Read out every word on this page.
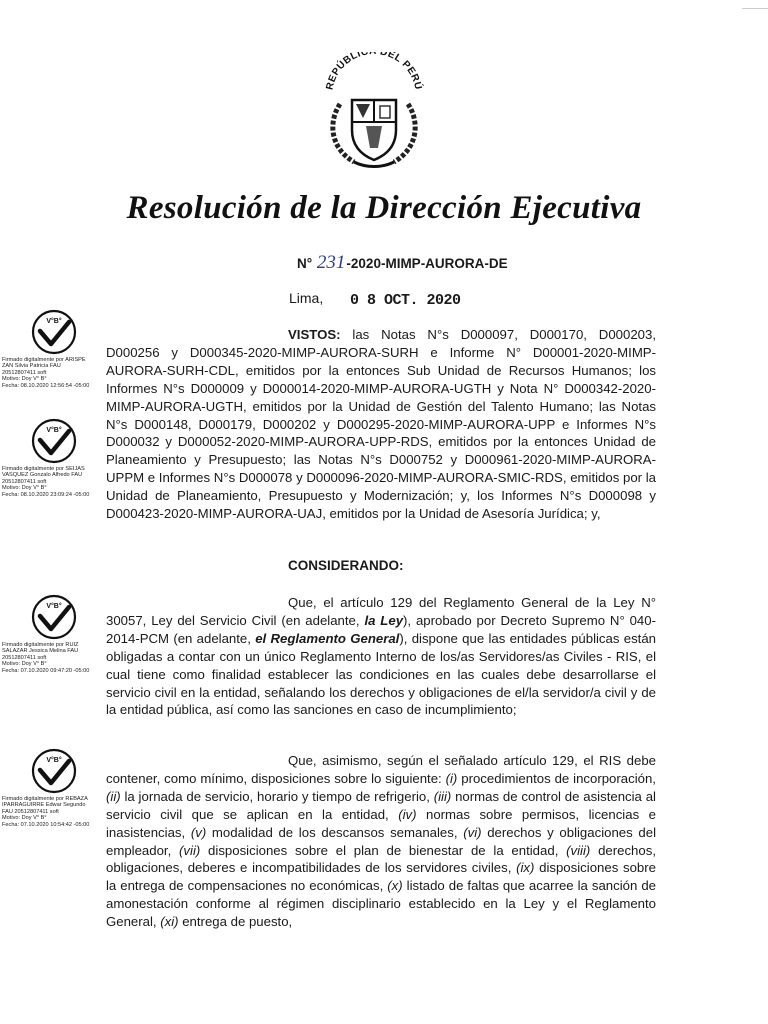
REPÚBLIC DEL PERÚ
Resolución de la Dirección Ejecutiva
N° 231-2020-MIMP-AURORA-DE
Lima, 0 8 OCT. 2020
V°B°
Firmado digitalmente por ARISPE
ZAN Silvia Patricia FAU
20512807411 soft
Motivo: Doy V° B°
Fecha: 08.10.2020 12:56:54 -05:00
V°B°
Firmado digitalmente por SEIJAS
VASQUEZ Gonzalo Alfredo FAU
20512807411 soft
Motivo: Doy V° B°
Fecha: 08.10.2020 23:09:24 -05:00
V°B°
Firmado digitalmente por RUIZ
SALAZAR Jessica Melina FAU
20512807411 soft
Motivo: Doy V° B°
Fecha: 07.10.2020 09:47:20 -05:00
V°B°
Firmado digitalmente por REBAZA
IPARRAGUIRRE Edwar Segundo
FAU 20512807411 soft
Motivo: Doy V° B°
Fecha: 07.10.2020 10:54:42 -05:00
VISTOS: las Notas N°s D000097, D000170, D000203, D000256 y D000345-2020-MIMP-AURORA-SURH e Informe N° D00001-2020-MIMP-AURORA-SURH-CDL, emitidos por la entonces Sub Unidad de Recursos Humanos; los Informes N°s D000009 y D000014-2020-MIMP-AURORA-UGTH y Nota N° D000342-2020-MIMP-AURORA-UGTH, emitidos por la Unidad de Gestión del Talento Humano; las Notas N°s D000148, D000179, D000202 y D000295-2020-MIMP-AURORA-UPP e Informes N°s D000032 y D000052-2020-MIMP-AURORA-UPP-RDS, emitidos por la entonces Unidad de Planeamiento y Presupuesto; las Notas N°s D000752 y D000961-2020-MIMP-AURORA-UPPM e Informes N°s D000078 y D000096-2020-MIMP-AURORA-SMIC-RDS, emitidos por la Unidad de Planeamiento, Presupuesto y Modernización; y, los Informes N°s D000098 y D000423-2020-MIMP-AURORA-UAJ, emitidos por la Unidad de Asesoría Jurídica; y,
CONSIDERANDO:
Que, el artículo 129 del Reglamento General de la Ley N° 30057, Ley del Servicio Civil (en adelante, la Ley), aprobado por Decreto Supremo N° 040-2014-PCM (en adelante, el Reglamento General), dispone que las entidades públicas están obligadas a contar con un único Reglamento Interno de los/as Servidores/as Civiles - RIS, el cual tiene como finalidad establecer las condiciones en las cuales debe desarrollarse el servicio civil en la entidad, señalando los derechos y obligaciones de el/la servidor/a civil y de la entidad pública, así como las sanciones en caso de incumplimiento;
Que, asimismo, según el señalado artículo 129, el RIS debe contener, como mínimo, disposiciones sobre lo siguiente: (i) procedimientos de incorporación, (ii) la jornada de servicio, horario y tiempo de refrigerio, (iii) normas de control de asistencia al servicio civil que se aplican en la entidad, (iv) normas sobre permisos, licencias e inasistencias, (v) modalidad de los descansos semanales, (vi) derechos y obligaciones del empleador, (vii) disposiciones sobre el plan de bienestar de la entidad, (viii) derechos, obligaciones, deberes e incompatibilidades de los servidores civiles, (ix) disposiciones sobre la entrega de compensaciones no económicas, (x) listado de faltas que acarree la sanción de amonestación conforme al régimen disciplinario establecido en la Ley y el Reglamento General, (xi) entrega de puesto,
